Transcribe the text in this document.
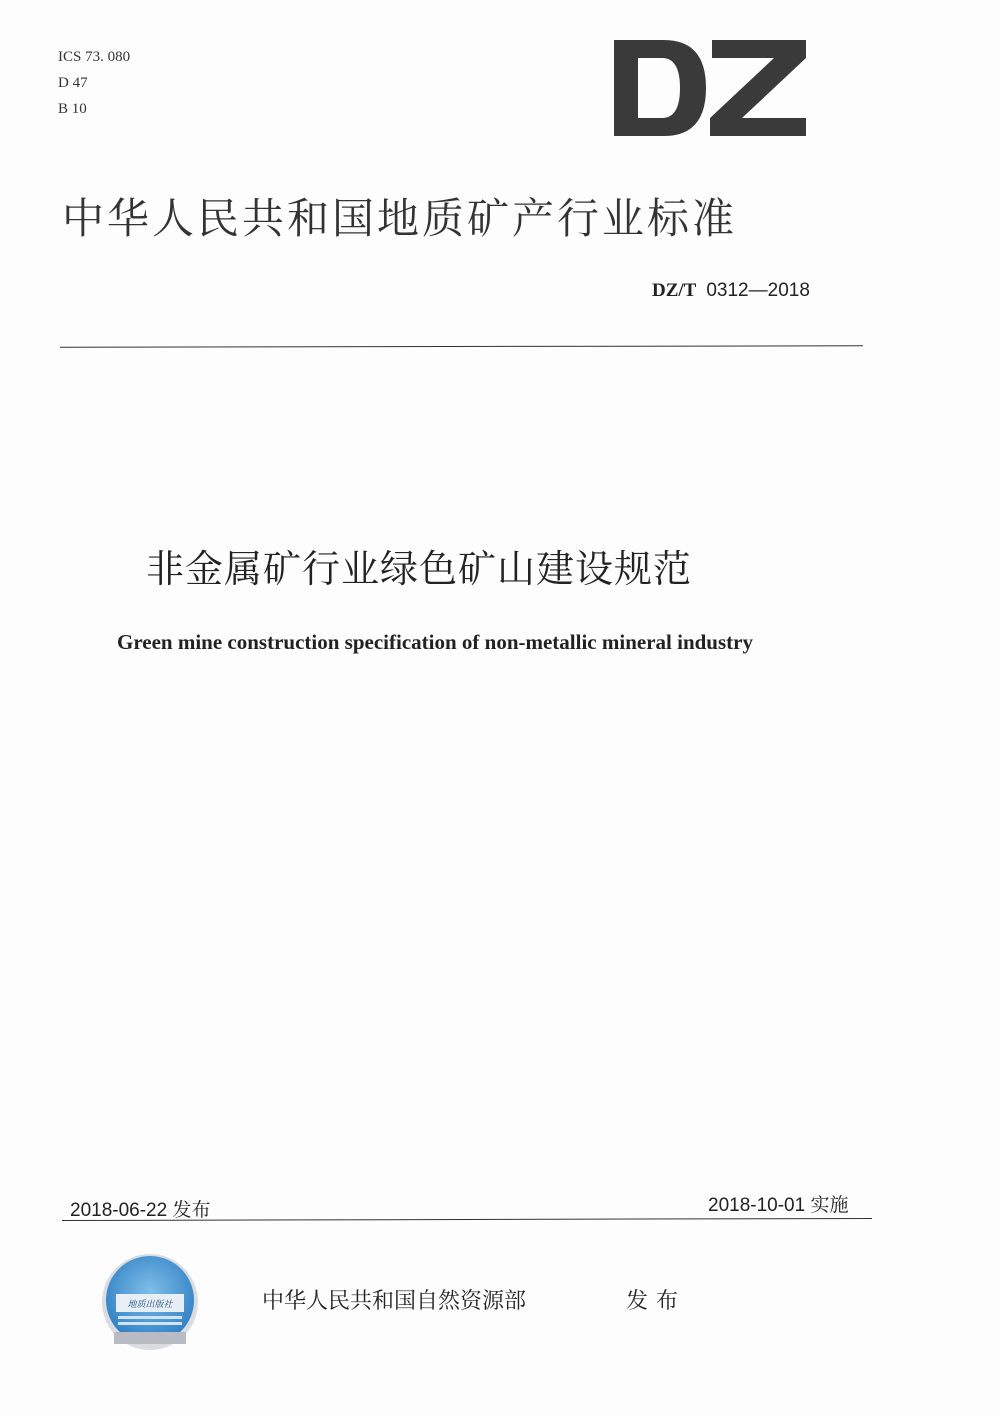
ICS 73. 080
D 47
B 10
中华人民共和国地质矿产行业标准
DZ/T 0312—2018
非金属矿行业绿色矿山建设规范
Green mine construction specification of non-metallic mineral industry
2018-06-22 发布	2018-10-01 实施
地质出版社	中华人民共和国自然资源部	发布
